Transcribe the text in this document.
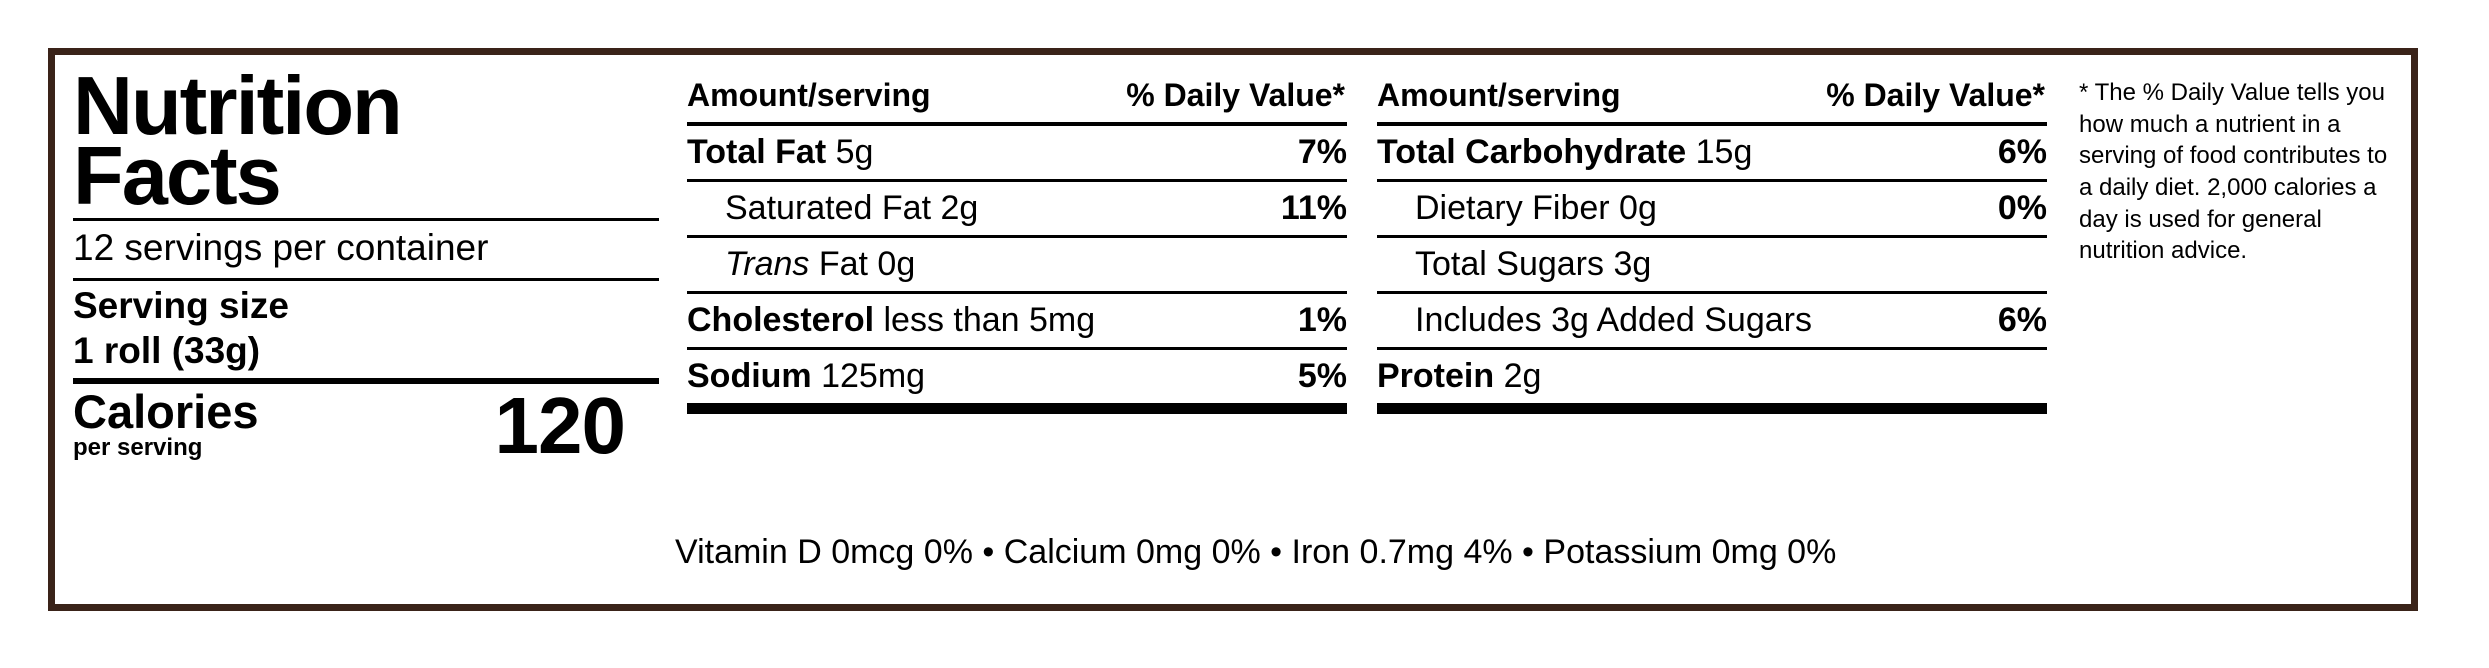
Nutrition
Facts
12 servings per container
Serving size
1 roll (33g)
Calories
per serving	120
Amount/serving	% Daily Value*
Total Fat 5g	7%
Saturated Fat 2g	11%
Trans Fat 0g
Cholesterol less than 5mg	1%
Sodium 125mg	5%
Amount/serving	% Daily Value*
Total Carbohydrate 15g	6%
Dietary Fiber 0g	0%
Total Sugars 3g
Includes 3g Added Sugars	6%
Protein 2g
* The % Daily Value tells you how much a nutrient in a serving of food contributes to a daily diet. 2,000 calories a day is used for general nutrition advice.
Vitamin D 0mcg 0% • Calcium 0mg 0% • Iron 0.7mg 4% • Potassium 0mg 0%
